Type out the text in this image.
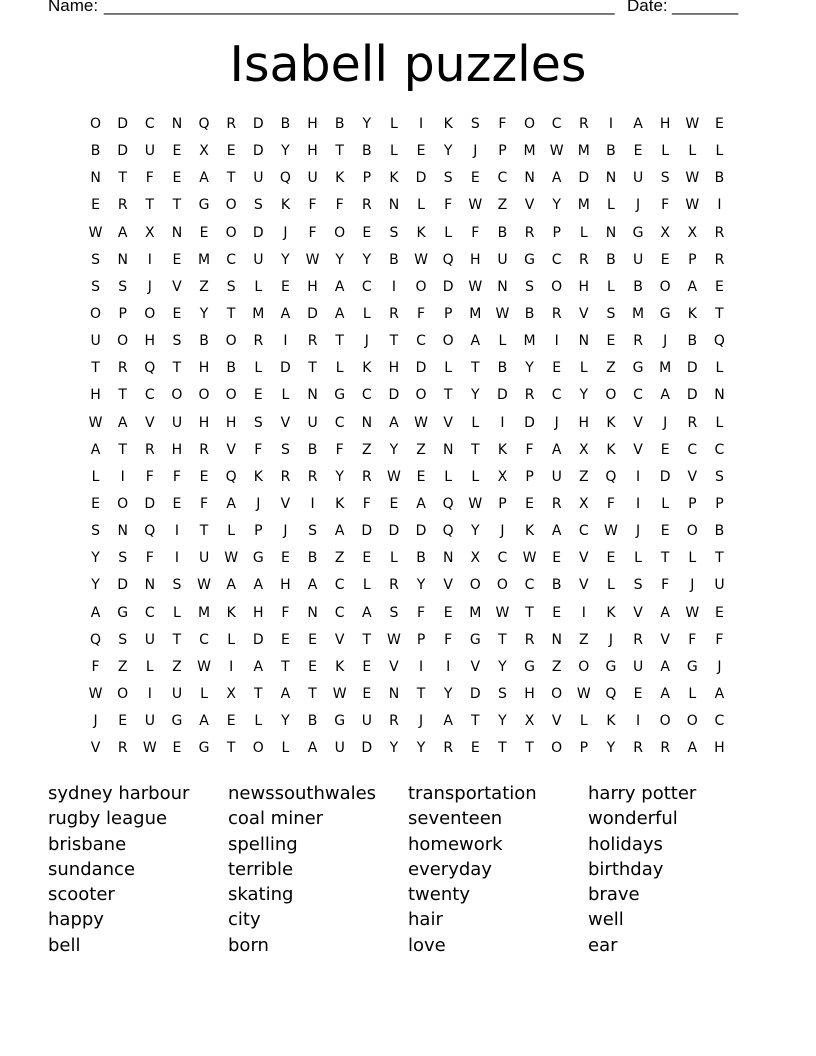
Name: ______________________________________________________ Date: _______
Isabell puzzles
O	D	C	N	Q	R	D	B	H	B	Y	L	I	K	S	F	O	C	R	I	A	H	W	E
B	D	U	E	X	E	D	Y	H	T	B	L	E	Y	J	P	M	W	M	B	E	L	L	L
N	T	F	E	A	T	U	Q	U	K	P	K	D	S	E	C	N	A	D	N	U	S	W	B
E	R	T	T	G	O	S	K	F	F	R	N	L	F	W	Z	V	Y	M	L	J	F	W	I
W	A	X	N	E	O	D	J	F	O	E	S	K	L	F	B	R	P	L	N	G	X	X	R
S	N	I	E	M	C	U	Y	W	Y	Y	B	W	Q	H	U	G	C	R	B	U	E	P	R
S	S	J	V	Z	S	L	E	H	A	C	I	O	D	W	N	S	O	H	L	B	O	A	E
O	P	O	E	Y	T	M	A	D	A	L	R	F	P	M	W	B	R	V	S	M	G	K	T
U	O	H	S	B	O	R	I	R	T	J	T	C	O	A	L	M	I	N	E	R	J	B	Q
T	R	Q	T	H	B	L	D	T	L	K	H	D	L	T	B	Y	E	L	Z	G	M	D	L
H	T	C	O	O	O	E	L	N	G	C	D	O	T	Y	D	R	C	Y	O	C	A	D	N
W	A	V	U	H	H	S	V	U	C	N	A	W	V	L	I	D	J	H	K	V	J	R	L
A	T	R	H	R	V	F	S	B	F	Z	Y	Z	N	T	K	F	A	X	K	V	E	C	C
L	I	F	F	E	Q	K	R	R	Y	R	W	E	L	L	X	P	U	Z	Q	I	D	V	S
E	O	D	E	F	A	J	V	I	K	F	E	A	Q	W	P	E	R	X	F	I	L	P	P
S	N	Q	I	T	L	P	J	S	A	D	D	D	Q	Y	J	K	A	C	W	J	E	O	B
Y	S	F	I	U	W	G	E	B	Z	E	L	B	N	X	C	W	E	V	E	L	T	L	T
Y	D	N	S	W	A	A	H	A	C	L	R	Y	V	O	O	C	B	V	L	S	F	J	U
A	G	C	L	M	K	H	F	N	C	A	S	F	E	M	W	T	E	I	K	V	A	W	E
Q	S	U	T	C	L	D	E	E	V	T	W	P	F	G	T	R	N	Z	J	R	V	F	F
F	Z	L	Z	W	I	A	T	E	K	E	V	I	I	V	Y	G	Z	O	G	U	A	G	J
W	O	I	U	L	X	T	A	T	W	E	N	T	Y	D	S	H	O	W	Q	E	A	L	A
J	E	U	G	A	E	L	Y	B	G	U	R	J	A	T	Y	X	V	L	K	I	O	O	C
V	R	W	E	G	T	O	L	A	U	D	Y	Y	R	E	T	T	O	P	Y	R	R	A	H
sydney harbour
rugby league
brisbane
sundance
scooter
happy
bell
newssouthwales
coal miner
spelling
terrible
skating
city
born
transportation
seventeen
homework
everyday
twenty
hair
love
harry potter
wonderful
holidays
birthday
brave
well
ear
